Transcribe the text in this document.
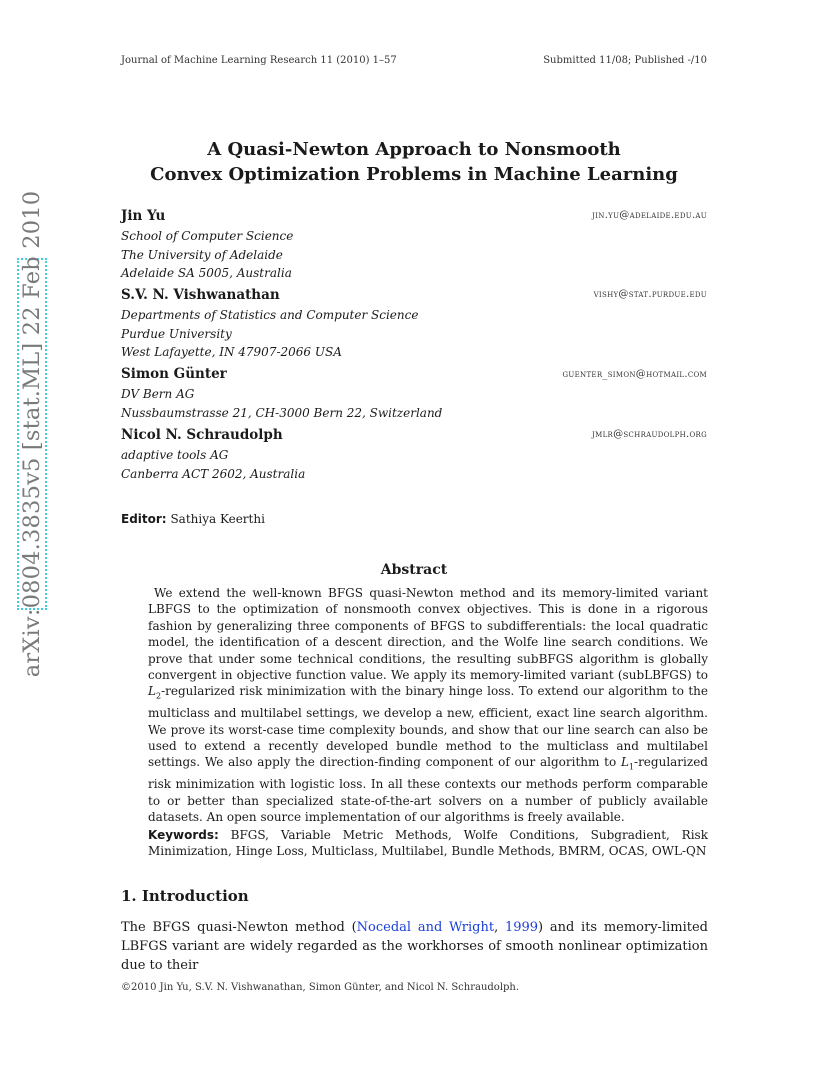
arXiv:0804.3835v5 [stat.ML] 22 Feb 2010
Journal of Machine Learning Research 11 (2010) 1–57	Submitted 11/08; Published -/10
A Quasi-Newton Approach to Nonsmooth
Convex Optimization Problems in Machine Learning
Jin Yu	jin.yu@adelaide.edu.au
School of Computer Science
The University of Adelaide
Adelaide SA 5005, Australia
S.V. N. Vishwanathan	vishy@stat.purdue.edu
Departments of Statistics and Computer Science
Purdue University
West Lafayette, IN 47907-2066 USA
Simon Günter	guenter_simon@hotmail.com
DV Bern AG
Nussbaumstrasse 21, CH-3000 Bern 22, Switzerland
Nicol N. Schraudolph	jmlr@schraudolph.org
adaptive tools AG
Canberra ACT 2602, Australia
Editor: Sathiya Keerthi
Abstract
We extend the well-known BFGS quasi-Newton method and its memory-limited variant LBFGS to the optimization of nonsmooth convex objectives. This is done in a rigorous fashion by generalizing three components of BFGS to subdifferentials: the local quadratic model, the identification of a descent direction, and the Wolfe line search conditions. We prove that under some technical conditions, the resulting subBFGS algorithm is globally convergent in objective function value. We apply its memory-limited variant (subLBFGS) to $L_2$-regularized risk minimization with the binary hinge loss. To extend our algorithm to the multiclass and multilabel settings, we develop a new, efficient, exact line search algorithm. We prove its worst-case time complexity bounds, and show that our line search can also be used to extend a recently developed bundle method to the multiclass and multilabel settings. We also apply the direction-finding component of our algorithm to $L_1$-regularized risk minimization with logistic loss. In all these contexts our methods perform comparable to or better than specialized state-of-the-art solvers on a number of publicly available datasets. An open source implementation of our algorithms is freely available.
Keywords: BFGS, Variable Metric Methods, Wolfe Conditions, Subgradient, Risk Minimization, Hinge Loss, Multiclass, Multilabel, Bundle Methods, BMRM, OCAS, OWL-QN
1. Introduction
The BFGS quasi-Newton method (Nocedal and Wright, 1999) and its memory-limited LBFGS variant are widely regarded as the workhorses of smooth nonlinear optimization due to their
©2010 Jin Yu, S.V. N. Vishwanathan, Simon Günter, and Nicol N. Schraudolph.
